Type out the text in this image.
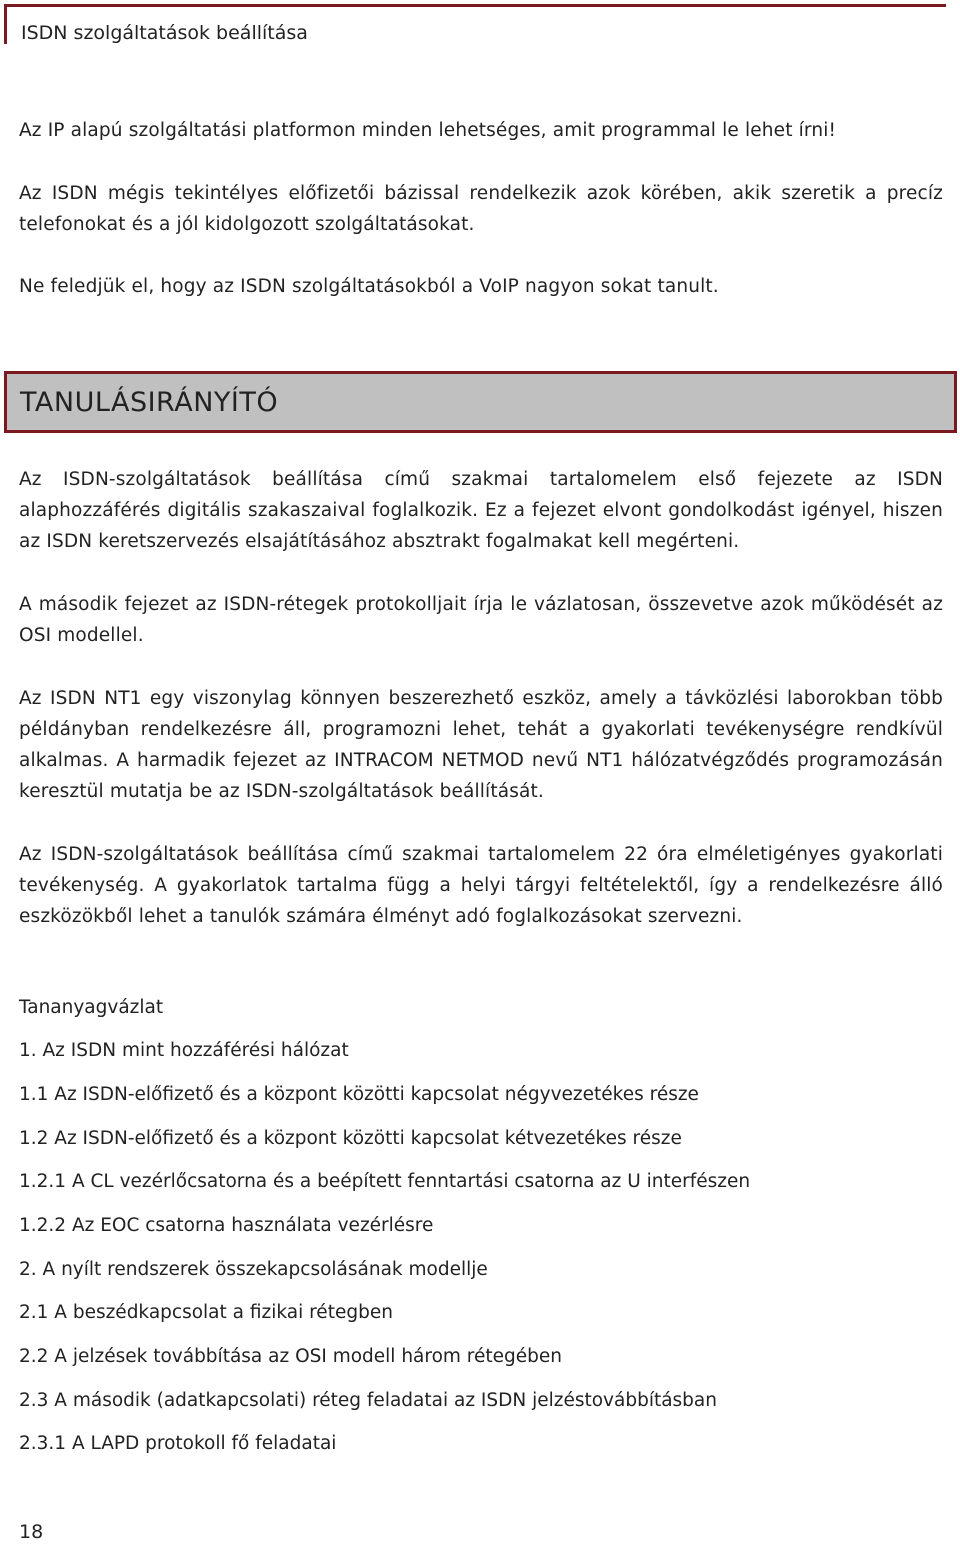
ISDN szolgáltatások beállítása

Az IP alapú szolgáltatási platformon minden lehetséges, amit programmal le lehet írni!

Az ISDN mégis tekintélyes előfizetői bázissal rendelkezik azok körében, akik szeretik a precíz telefonokat és a jól kidolgozott szolgáltatásokat.

Ne feledjük el, hogy az ISDN szolgáltatásokból a VoIP nagyon sokat tanult.

TANULÁSIRÁNYÍTÓ

Az ISDN-szolgáltatások beállítása című szakmai tartalomelem első fejezete az ISDN alaphozzáférés digitális szakaszaival foglalkozik. Ez a fejezet elvont gondolkodást igényel, hiszen az ISDN keretszervezés elsajátításához absztrakt fogalmakat kell megérteni.

A második fejezet az ISDN-rétegek protokolljait írja le vázlatosan, összevetve azok működését az OSI modellel.

Az ISDN NT1 egy viszonylag könnyen beszerezhető eszköz, amely a távközlési laborokban több példányban rendelkezésre áll, programozni lehet, tehát a gyakorlati tevékenységre rendkívül alkalmas. A harmadik fejezet az INTRACOM NETMOD nevű NT1 hálózatvégződés programozásán keresztül mutatja be az ISDN-szolgáltatások beállítását.

Az ISDN-szolgáltatások beállítása című szakmai tartalomelem 22 óra elméletigényes gyakorlati tevékenység. A gyakorlatok tartalma függ a helyi tárgyi feltételektől, így a rendelkezésre álló eszközökből lehet a tanulók számára élményt adó foglalkozásokat szervezni.

Tananyagvázlat
1. Az ISDN mint hozzáférési hálózat
1.1 Az ISDN-előfizető és a központ közötti kapcsolat négyvezetékes része
1.2 Az ISDN-előfizető és a központ közötti kapcsolat kétvezetékes része
1.2.1 A CL vezérlőcsatorna és a beépített fenntartási csatorna az U interfészen
1.2.2 Az EOC csatorna használata vezérlésre
2. A nyílt rendszerek összekapcsolásának modellje
2.1 A beszédkapcsolat a fizikai rétegben
2.2 A jelzések továbbítása az OSI modell három rétegében
2.3 A második (adatkapcsolati) réteg feladatai az ISDN jelzéstovábbításban
2.3.1 A LAPD protokoll fő feladatai
18
